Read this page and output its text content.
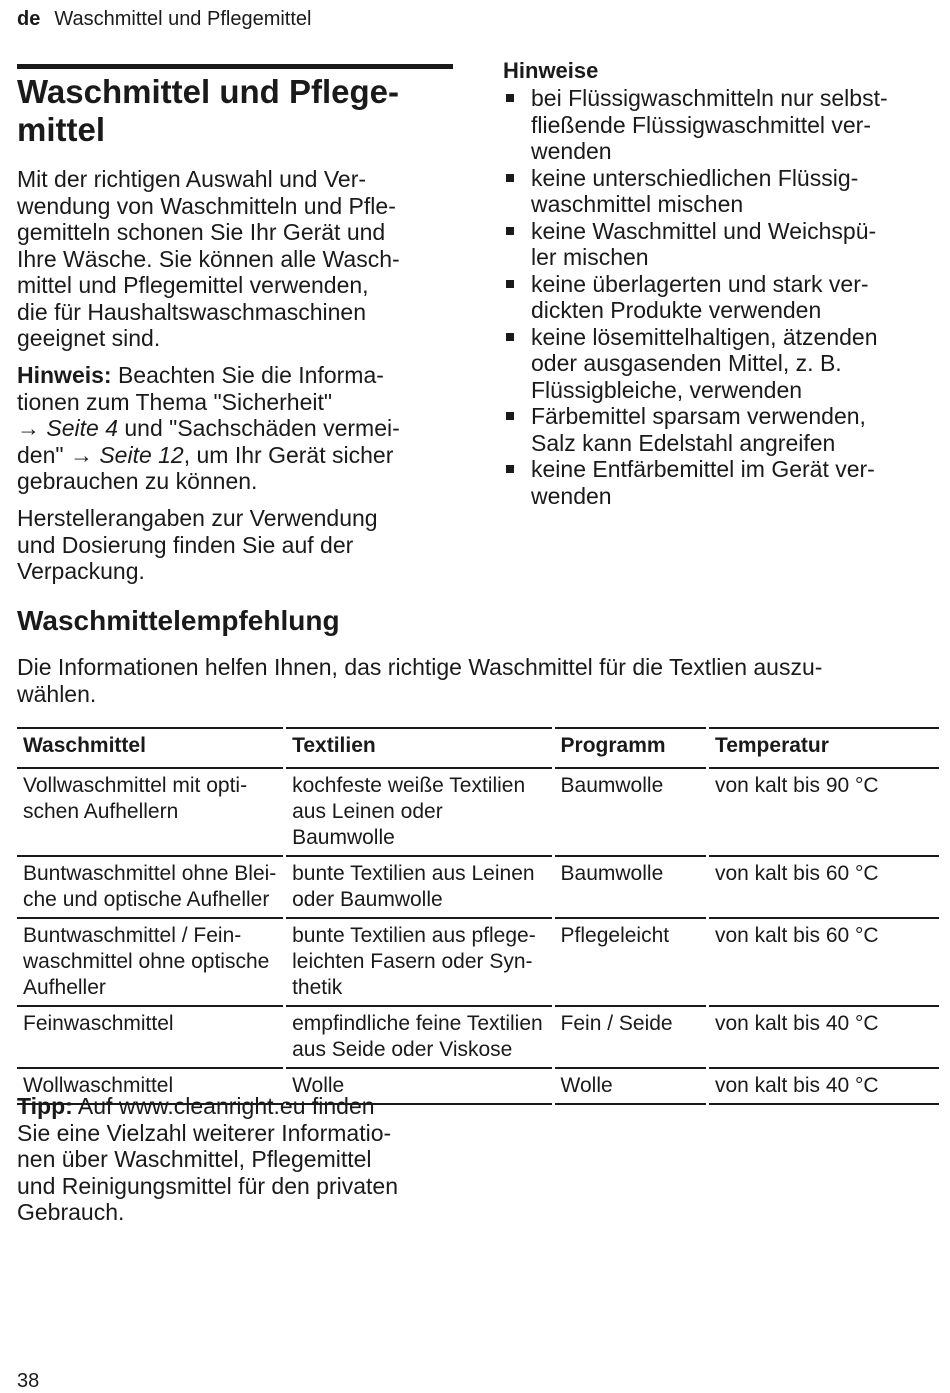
de Waschmittel und Pflegemittel
Waschmittel und Pflege-
mittel

Mit der richtigen Auswahl und Ver-
wendung von Waschmitteln und Pfle-
gemitteln schonen Sie Ihr Gerät und
Ihre Wäsche. Sie können alle Wasch-
mittel und Pflegemittel verwenden,
die für Haushaltswaschmaschinen
geeignet sind.

Hinweis: Beachten Sie die Informa-
tionen zum Thema "Sicherheit"
→ Seite 4 und "Sachschäden vermei-
den" → Seite 12, um Ihr Gerät sicher
gebrauchen zu können.

Herstellerangaben zur Verwendung
und Dosierung finden Sie auf der
Verpackung.

Hinweise
bei Flüssigwaschmitteln nur selbst-
fließende Flüssigwaschmittel ver-
wenden
keine unterschiedlichen Flüssig-
waschmittel mischen
keine Waschmittel und Weichspü-
ler mischen
keine überlagerten und stark ver-
dickten Produkte verwenden
keine lösemittelhaltigen, ätzenden
oder ausgasenden Mittel, z. B.
Flüssigbleiche, verwenden
Färbemittel sparsam verwenden,
Salz kann Edelstahl angreifen
keine Entfärbemittel im Gerät ver-
wenden
Waschmittelempfehlung

Die Informationen helfen Ihnen, das richtige Waschmittel für die Textlien auszu-
wählen.

Waschmittel	Textilien	Programm	Temperatur
Vollwaschmittel mit opti-
schen Aufhellern	kochfeste weiße Textilien
aus Leinen oder Baumwolle	Baumwolle	von kalt bis 90 °C
Buntwaschmittel ohne Blei-
che und optische Aufheller	bunte Textilien aus Leinen
oder Baumwolle	Baumwolle	von kalt bis 60 °C
Buntwaschmittel / Fein-
waschmittel ohne optische
Aufheller	bunte Textilien aus pflege-
leichten Fasern oder Syn-
thetik	Pflegeleicht	von kalt bis 60 °C
Feinwaschmittel	empfindliche feine Textilien
aus Seide oder Viskose	Fein / Seide	von kalt bis 40 °C
Wollwaschmittel	Wolle	Wolle	von kalt bis 40 °C

Tipp: Auf www.cleanright.eu finden
Sie eine Vielzahl weiterer Informatio-
nen über Waschmittel, Pflegemittel
und Reinigungsmittel für den privaten
Gebrauch.

38
